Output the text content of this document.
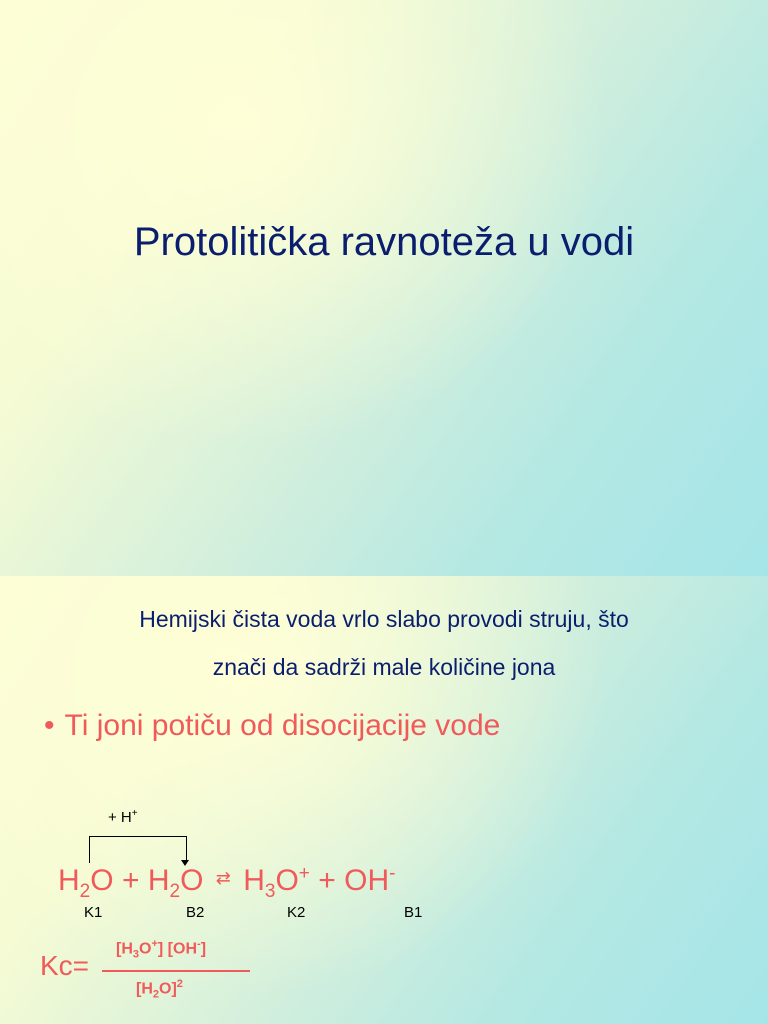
Protolitička ravnoteža u vodi
Hemijski čista voda vrlo slabo provodi struju, što
znači da sadrži male količine jona
• Ti joni potiču od disocijacije vode
+ H+
$H_2O + H_2O$ ⇄ $H_3O^+ + OH^-$
K1	B2	K2	B1
Kc=
$[H_3O^+]$ [OH-]
$[H_2O]^2$
